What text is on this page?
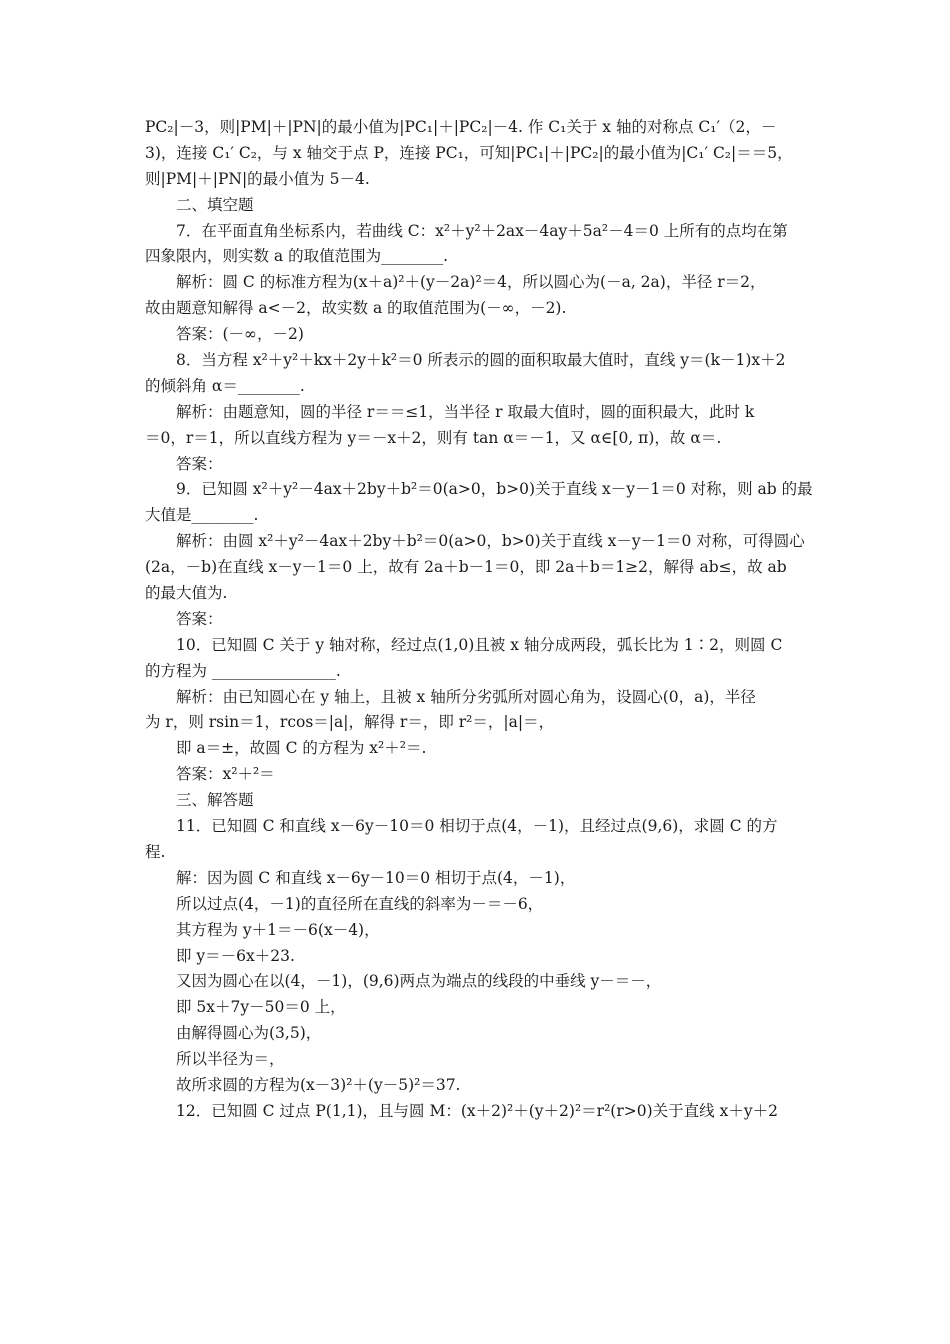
PC₂|－3，则|PM|＋|PN|的最小值为|PC₁|＋|PC₂|－4. 作 C₁关于 x 轴的对称点 C₁′（2，－
3)，连接 C₁′ C₂，与 x 轴交于点 P，连接 PC₁，可知|PC₁|＋|PC₂|的最小值为|C₁′ C₂|＝＝5，
则|PM|＋|PN|的最小值为 5－4.
二、填空题
7．在平面直角坐标系内，若曲线 C：x²＋y²＋2ax－4ay＋5a²－4＝0 上所有的点均在第
四象限内，则实数 a 的取值范围为________.
解析：圆 C 的标准方程为(x＋a)²＋(y－2a)²＝4，所以圆心为(－a, 2a)，半径 r＝2，
故由题意知解得 a<－2，故实数 a 的取值范围为(－∞，－2).
答案：(－∞，－2)
8．当方程 x²＋y²＋kx＋2y＋k²＝0 所表示的圆的面积取最大值时，直线 y＝(k－1)x＋2
的倾斜角 α＝________.
解析：由题意知，圆的半径 r＝＝≤1，当半径 r 取最大值时，圆的面积最大，此时 k
＝0，r＝1，所以直线方程为 y＝－x＋2，则有 tan α＝－1，又 α∈[0, π)，故 α＝.
答案：
9．已知圆 x²＋y²－4ax＋2by＋b²＝0(a>0，b>0)关于直线 x－y－1＝0 对称，则 ab 的最
大值是________.
解析：由圆 x²＋y²－4ax＋2by＋b²＝0(a>0，b>0)关于直线 x－y－1＝0 对称，可得圆心
(2a，－b)在直线 x－y－1＝0 上，故有 2a＋b－1＝0，即 2a＋b＝1≥2，解得 ab≤，故 ab
的最大值为.
答案：
10．已知圆 C 关于 y 轴对称，经过点(1,0)且被 x 轴分成两段，弧长比为 1∶2，则圆 C
的方程为 ________________.
解析：由已知圆心在 y 轴上，且被 x 轴所分劣弧所对圆心角为，设圆心(0，a)，半径
为 r，则 rsin＝1，rcos＝|a|，解得 r＝，即 r²＝，|a|＝，
即 a＝±，故圆 C 的方程为 x²＋²＝.
答案：x²＋²＝
三、解答题
11．已知圆 C 和直线 x－6y－10＝0 相切于点(4，－1)，且经过点(9,6)，求圆 C 的方
程.
解：因为圆 C 和直线 x－6y－10＝0 相切于点(4，－1)，
所以过点(4，－1)的直径所在直线的斜率为－＝－6，
其方程为 y＋1＝－6(x－4)，
即 y＝－6x＋23.
又因为圆心在以(4，－1)，(9,6)两点为端点的线段的中垂线 y－＝－，
即 5x＋7y－50＝0 上，
由解得圆心为(3,5)，
所以半径为＝，
故所求圆的方程为(x－3)²＋(y－5)²＝37.
12．已知圆 C 过点 P(1,1)，且与圆 M：(x＋2)²＋(y＋2)²＝r²(r>0)关于直线 x＋y＋2
